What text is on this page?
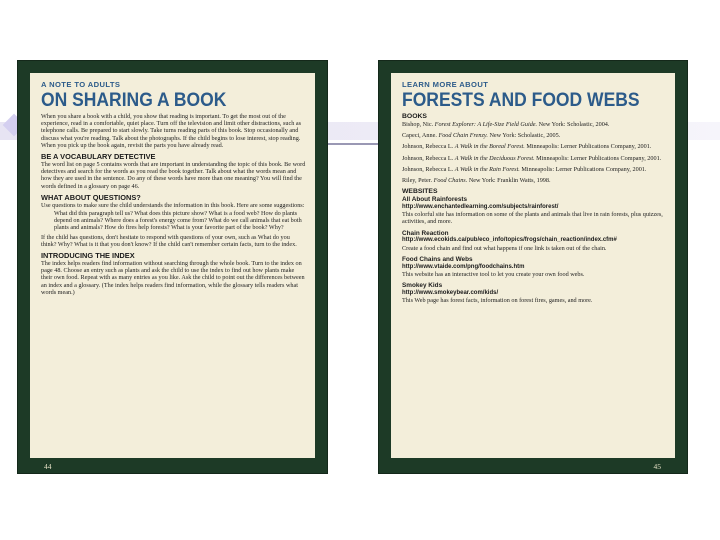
A NOTE TO ADULTS
ON SHARING A BOOK

When you share a book with a child, you show that reading is important. To get the most out of the experience, read in a comfortable, quiet place. Turn off the television and limit other distractions, such as telephone calls. Be prepared to start slowly. Take turns reading parts of this book. Stop occasionally and discuss what you're reading. Talk about the photographs. If the child begins to lose interest, stop reading. When you pick up the book again, revisit the parts you have already read.

BE A VOCABULARY DETECTIVE

The word list on page 5 contains words that are important in understanding the topic of this book. Be word detectives and search for the words as you read the book together. Talk about what the words mean and how they are used in the sentence. Do any of these words have more than one meaning? You will find the words defined in a glossary on page 46.

WHAT ABOUT QUESTIONS?

Use questions to make sure the child understands the information in this book. Here are some suggestions:

What did this paragraph tell us? What does this picture show? What is a food web? How do plants depend on animals? Where does a forest's energy come from? What do we call animals that eat both plants and animals? How do fires help forests? What is your favorite part of the book? Why?

If the child has questions, don't hesitate to respond with questions of your own, such as What do you think? Why? What is it that you don't know? If the child can't remember certain facts, turn to the index.

INTRODUCING THE INDEX

The index helps readers find information without searching through the whole book. Turn to the index on page 48. Choose an entry such as plants and ask the child to use the index to find out how plants make their own food. Repeat with as many entries as you like. Ask the child to point out the differences between an index and a glossary. (The index helps readers find information, while the glossary tells readers what words mean.)

44
LEARN MORE ABOUT
FORESTS AND FOOD WEBS
BOOKS
Bishop, Nic. Forest Explorer: A Life-Size Field Guide. New York: Scholastic, 2004.
Capeci, Anne. Food Chain Frenzy. New York: Scholastic, 2005.
Johnson, Rebecca L. A Walk in the Boreal Forest. Minneapolis: Lerner Publications Company, 2001.
Johnson, Rebecca L. A Walk in the Deciduous Forest. Minneapolis: Lerner Publications Company, 2001.
Johnson, Rebecca L. A Walk in the Rain Forest. Minneapolis: Lerner Publications Company, 2001.
Riley, Peter. Food Chains. New York: Franklin Watts, 1998.
WEBSITES
All About Rainforests
http://www.enchantedlearning.com/subjects/rainforest/
This colorful site has information on some of the plants and animals that live in rain forests, plus quizzes, activities, and more.
Chain Reaction
http://www.ecokids.ca/pub/eco_info/topics/frogs/chain_reaction/index.cfm#
Create a food chain and find out what happens if one link is taken out of the chain.
Food Chains and Webs
http://www.vtaide.com/png/foodchains.htm
This website has an interactive tool to let you create your own food webs.
Smokey Kids
http://www.smokeybear.com/kids/
This Web page has forest facts, information on forest fires, games, and more.
45
